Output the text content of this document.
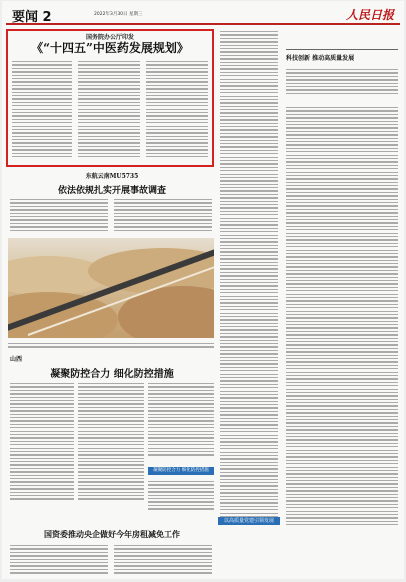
要闻 2	2022年3月30日 星期三	人民日报
国务院办公厅印发
《“十四五”中医药发展规划》
东航云南MU5735
依法依规扎实开展事故调查
山西
凝聚防控合力 细化防控措施
凝聚防控合力 细化防控措施
国资委推动央企做好今年房租减免工作
科技创新 推动高质量发展
以高质量党建引领发展
